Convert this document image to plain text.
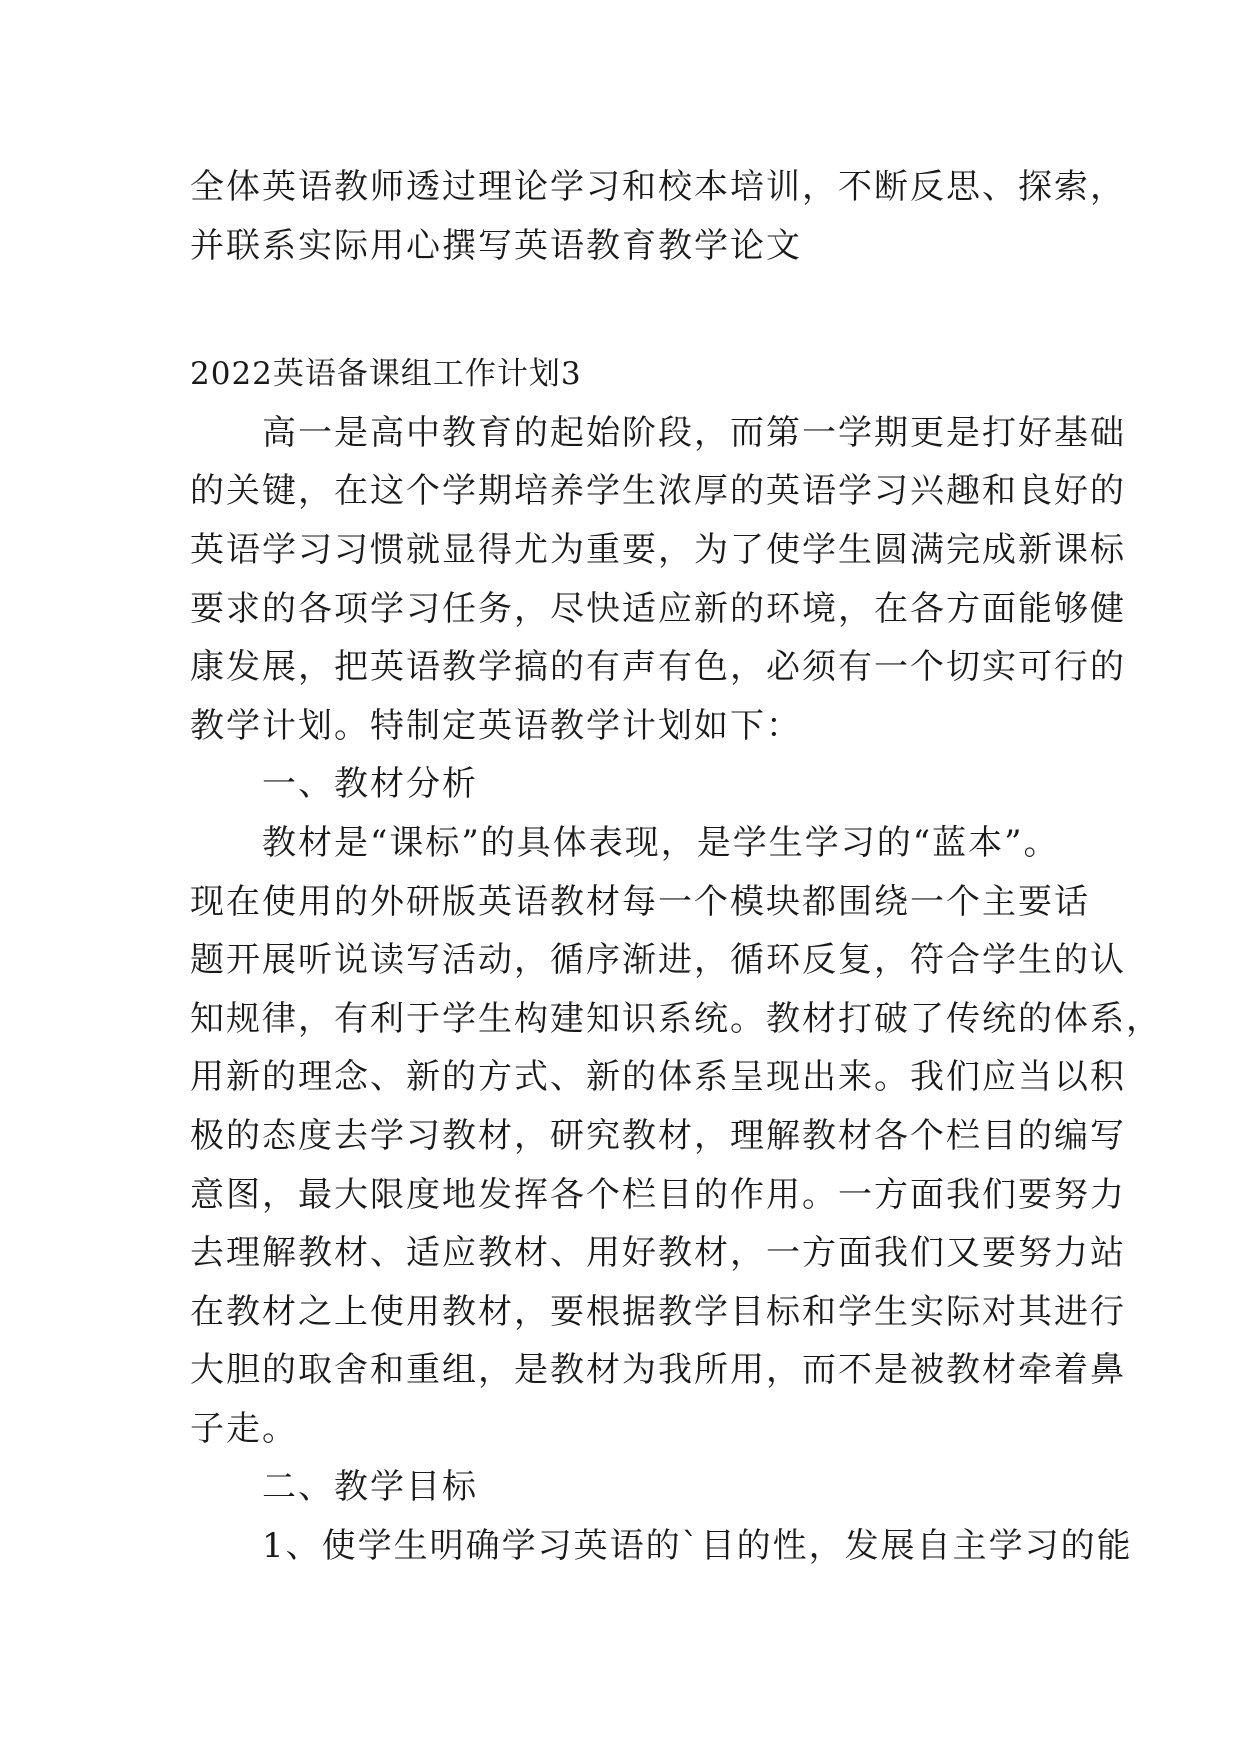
全体英语教师透过理论学习和校本培训，不断反思、探索，
并联系实际用心撰写英语教育教学论文
2022英语备课组工作计划3
　　高一是高中教育的起始阶段，而第一学期更是打好基础
的关键，在这个学期培养学生浓厚的英语学习兴趣和良好的
英语学习习惯就显得尤为重要，为了使学生圆满完成新课标
要求的各项学习任务，尽快适应新的环境，在各方面能够健
康发展，把英语教学搞的有声有色，必须有一个切实可行的
教学计划。特制定英语教学计划如下：
　　一、教材分析
　　教材是“课标”的具体表现，是学生学习的“蓝本”。
现在使用的外研版英语教材每一个模块都围绕一个主要话
题开展听说读写活动，循序渐进，循环反复，符合学生的认
知规律，有利于学生构建知识系统。教材打破了传统的体系，
用新的理念、新的方式、新的体系呈现出来。我们应当以积
极的态度去学习教材，研究教材，理解教材各个栏目的编写
意图，最大限度地发挥各个栏目的作用。一方面我们要努力
去理解教材、适应教材、用好教材，一方面我们又要努力站
在教材之上使用教材，要根据教学目标和学生实际对其进行
大胆的取舍和重组，是教材为我所用，而不是被教材牵着鼻
子走。
　　二、教学目标
　　1、使学生明确学习英语的`目的性，发展自主学习的能
